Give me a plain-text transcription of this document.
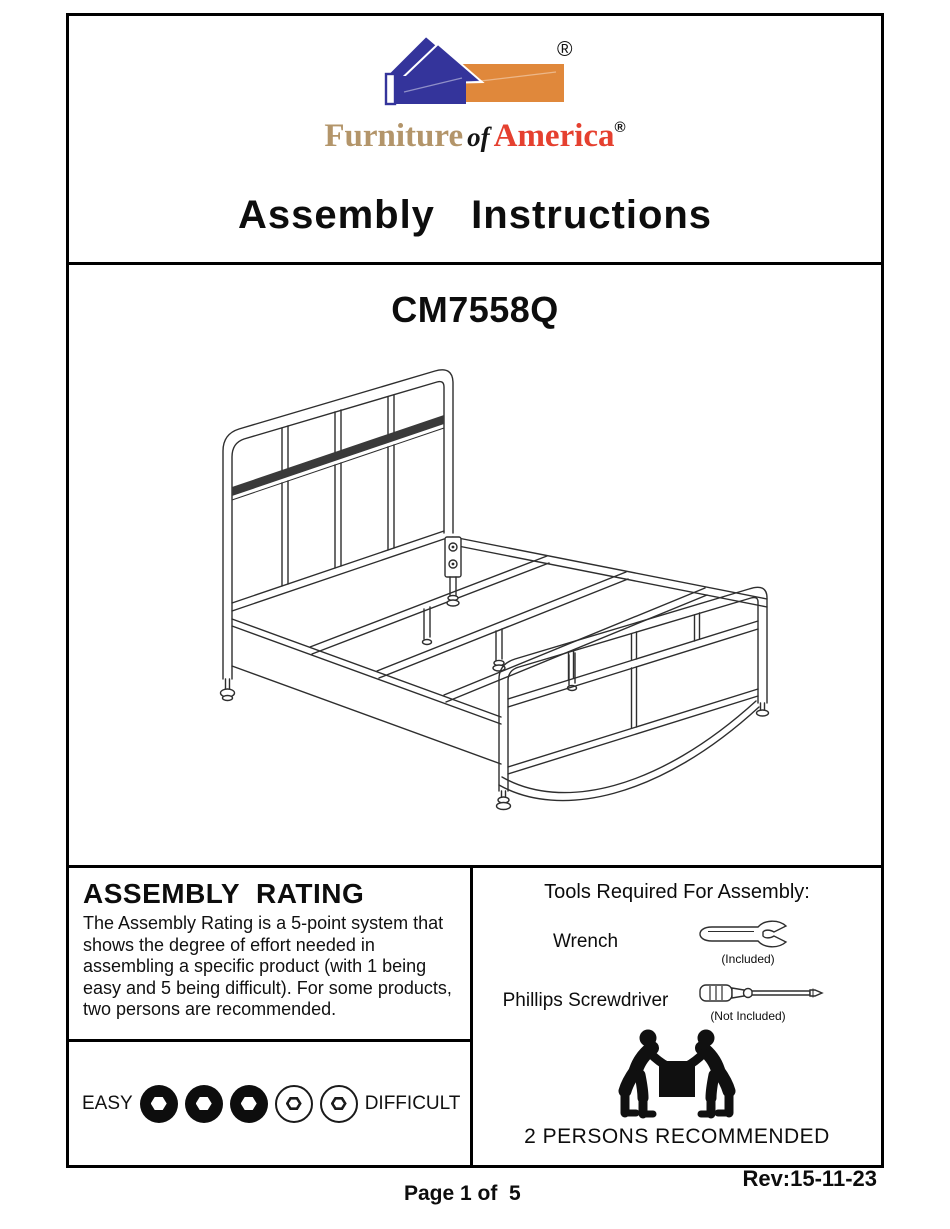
®
Furniture of America®
Assembly  Instructions
CM7558Q
ASSEMBLY  RATING
The Assembly Rating is a 5-point system that shows the degree of effort needed in assembling a specific product (with 1 being easy and 5 being difficult). For some products, two persons are recommended.
EASY	DIFFICULT
Tools Required For Assembly:
Wrench
(Included)
Phillips Screwdriver
(Not Included)
2 PERSONS RECOMMENDED
Page 1 of  5
Rev:15-11-23
